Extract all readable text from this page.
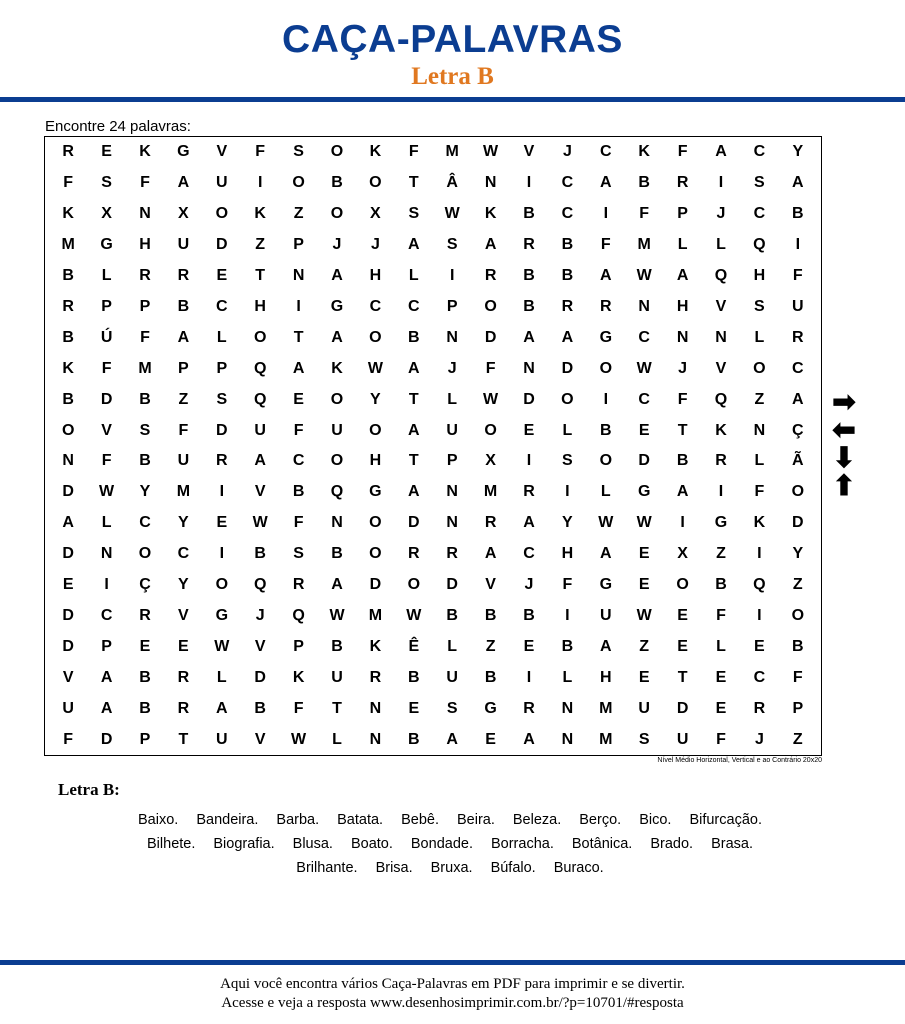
CAÇA-PALAVRAS
Letra B
Encontre 24 palavras:
R	E	K	G	V	F	S	O	K	F	M	W	V	J	C	K	F	A	C	Y
F	S	F	A	U	I	O	B	O	T	Â	N	I	C	A	B	R	I	S	A
K	X	N	X	O	K	Z	O	X	S	W	K	B	C	I	F	P	J	C	B
M	G	H	U	D	Z	P	J	J	A	S	A	R	B	F	M	L	L	Q	I
B	L	R	R	E	T	N	A	H	L	I	R	B	B	A	W	A	Q	H	F
R	P	P	B	C	H	I	G	C	C	P	O	B	R	R	N	H	V	S	U
B	Ú	F	A	L	O	T	A	O	B	N	D	A	A	G	C	N	N	L	R
K	F	M	P	P	Q	A	K	W	A	J	F	N	D	O	W	J	V	O	C
B	D	B	Z	S	Q	E	O	Y	T	L	W	D	O	I	C	F	Q	Z	A
O	V	S	F	D	U	F	U	O	A	U	O	E	L	B	E	T	K	N	Ç
N	F	B	U	R	A	C	O	H	T	P	X	I	S	O	D	B	R	L	Ã
D	W	Y	M	I	V	B	Q	G	A	N	M	R	I	L	G	A	I	F	O
A	L	C	Y	E	W	F	N	O	D	N	R	A	Y	W	W	I	G	K	D
D	N	O	C	I	B	S	B	O	R	R	A	C	H	A	E	X	Z	I	Y
E	I	Ç	Y	O	Q	R	A	D	O	D	V	J	F	G	E	O	B	Q	Z
D	C	R	V	G	J	Q	W	M	W	B	B	B	I	U	W	E	F	I	O
D	P	E	E	W	V	P	B	K	Ê	L	Z	E	B	A	Z	E	L	E	B
V	A	B	R	L	D	K	U	R	B	U	B	I	L	H	E	T	E	C	F
U	A	B	R	A	B	F	T	N	E	S	G	R	N	M	U	D	E	R	P
F	D	P	T	U	V	W	L	N	B	A	E	A	N	M	S	U	F	J	Z
Nível Médio Horizontal, Vertical e ao Contrário 20x20
➡
⬅
⬇
⬆
Letra B:
Baixo. Bandeira. Barba. Batata. Bebê. Beira. Beleza. Berço. Bico. Bifurcação.
Bilhete. Biografia. Blusa. Boato. Bondade. Borracha. Botânica. Brado. Brasa.
Brilhante. Brisa. Bruxa. Búfalo. Buraco.
Aqui você encontra vários Caça-Palavras em PDF para imprimir e se divertir.
Acesse e veja a resposta www.desenhosimprimir.com.br/?p=10701/#resposta
